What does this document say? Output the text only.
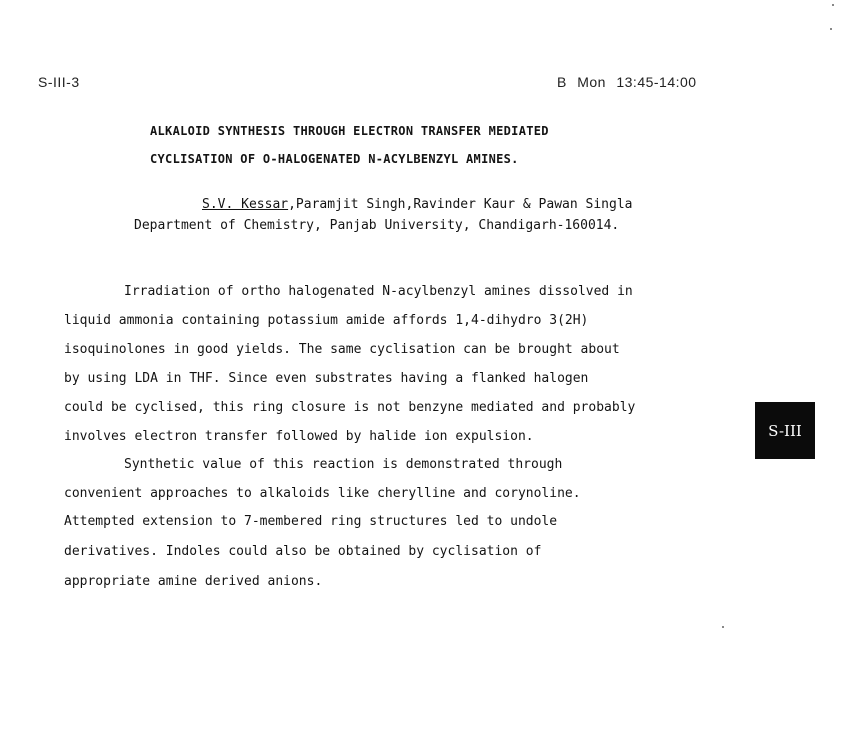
S-III-3	B Mon 13:45-14:00
ALKALOID SYNTHESIS THROUGH ELECTRON TRANSFER MEDIATED
CYCLISATION OF O-HALOGENATED N-ACYLBENZYL AMINES.
S.V. Kessar,Paramjit Singh,Ravinder Kaur & Pawan Singla
Department of Chemistry, Panjab University, Chandigarh-160014.
Irradiation of ortho halogenated N-acylbenzyl amines dissolved in
liquid ammonia containing potassium amide affords 1,4-dihydro 3(2H)
isoquinolones in good yields. The same cyclisation can be brought about
by using LDA in THF. Since even substrates having a flanked halogen
could be cyclised, this ring closure is not benzyne mediated and probably
involves electron transfer followed by halide ion expulsion.
Synthetic value of this reaction is demonstrated through
convenient approaches to alkaloids like cherylline and corynoline.
Attempted extension to 7-membered ring structures led to undole
derivatives. Indoles could also be obtained by cyclisation of
appropriate amine derived anions.
S-III
